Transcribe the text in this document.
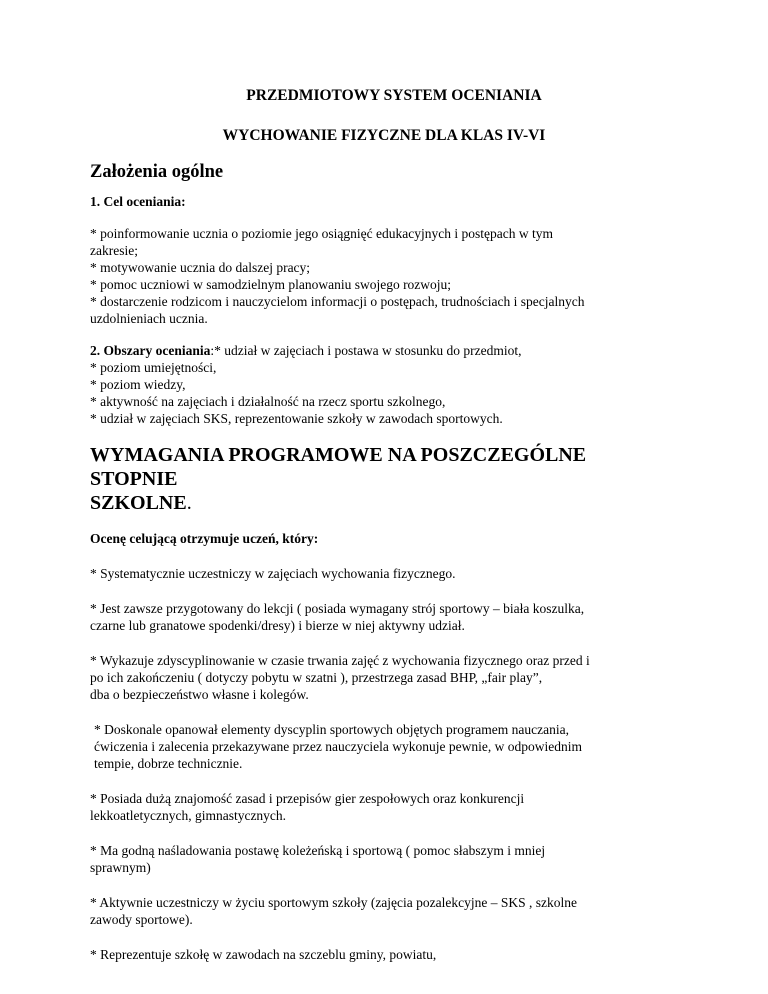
PRZEDMIOTOWY SYSTEM OCENIANIA
WYCHOWANIE FIZYCZNE DLA KLAS IV-VI
Założenia ogólne
1. Cel oceniania:
* poinformowanie ucznia o poziomie jego osiągnięć edukacyjnych i postępach w tym
zakresie;
* motywowanie ucznia do dalszej pracy;
* pomoc uczniowi w samodzielnym planowaniu swojego rozwoju;
* dostarczenie rodzicom i nauczycielom informacji o postępach, trudnościach i specjalnych
uzdolnieniach ucznia.
2. Obszary oceniania:* udział w zajęciach i postawa w stosunku do przedmiot,
* poziom umiejętności,
* poziom wiedzy,
* aktywność na zajęciach i działalność na rzecz sportu szkolnego,
* udział w zajęciach SKS, reprezentowanie szkoły w zawodach sportowych.
WYMAGANIA PROGRAMOWE NA POSZCZEGÓLNE STOPNIE
SZKOLNE.
Ocenę celującą otrzymuje uczeń, który:
* Systematycznie uczestniczy w zajęciach wychowania fizycznego.
* Jest zawsze przygotowany do lekcji ( posiada wymagany strój sportowy – biała koszulka,
czarne lub granatowe spodenki/dresy) i bierze w niej aktywny udział.
* Wykazuje zdyscyplinowanie w czasie trwania zajęć z wychowania fizycznego oraz przed i
po ich zakończeniu ( dotyczy pobytu w szatni ), przestrzega zasad BHP, „fair play”,
dba o bezpieczeństwo własne i kolegów.
* Doskonale opanował elementy dyscyplin sportowych objętych programem nauczania,
ćwiczenia i zalecenia przekazywane przez nauczyciela wykonuje pewnie, w odpowiednim
tempie, dobrze technicznie.
* Posiada dużą znajomość zasad i przepisów gier zespołowych oraz konkurencji
lekkoatletycznych, gimnastycznych.
* Ma godną naśladowania postawę koleżeńską i sportową ( pomoc słabszym i mniej
sprawnym)
* Aktywnie uczestniczy w życiu sportowym szkoły (zajęcia pozalekcyjne – SKS , szkolne
zawody sportowe).
* Reprezentuje szkołę w zawodach na szczeblu gminy, powiatu,
